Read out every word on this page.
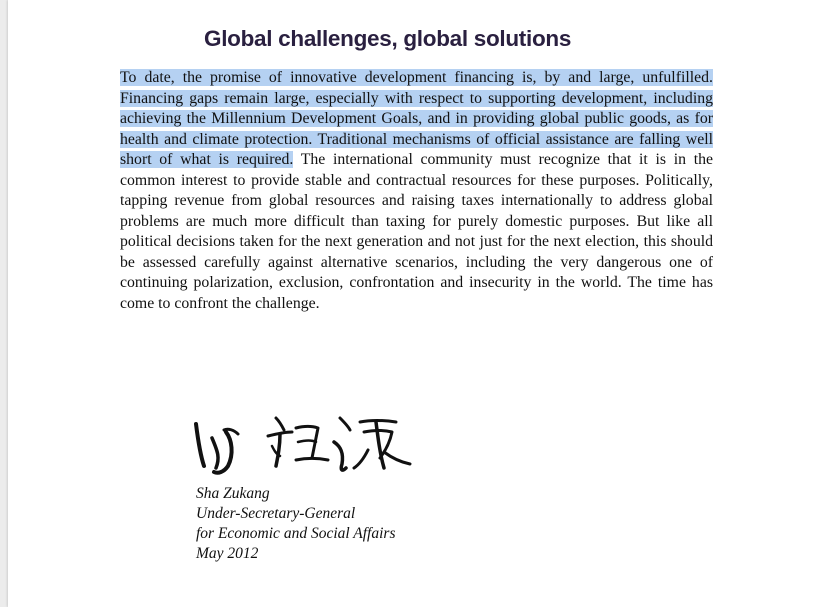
Global challenges, global solutions

To date, the promise of innovative development financing is, by and large, unfulfilled. Financing gaps remain large, especially with respect to supporting development, including achieving the Millennium Development Goals, and in providing global public goods, as for health and climate protection. Traditional mechanisms of official assistance are falling well short of what is required. The international community must recognize that it is in the common interest to provide stable and contractual resources for these purposes. Politically, tapping revenue from global resources and raising taxes internationally to address global problems are much more difficult than taxing for purely domestic purposes. But like all political decisions taken for the next generation and not just for the next election, this should be assessed carefully against alternative scenarios, including the very dangerous one of continuing polarization, exclusion, confrontation and insecurity in the world. The time has come to confront the challenge.

Sha Zukang
Under-Secretary-General
for Economic and Social Affairs
May 2012
